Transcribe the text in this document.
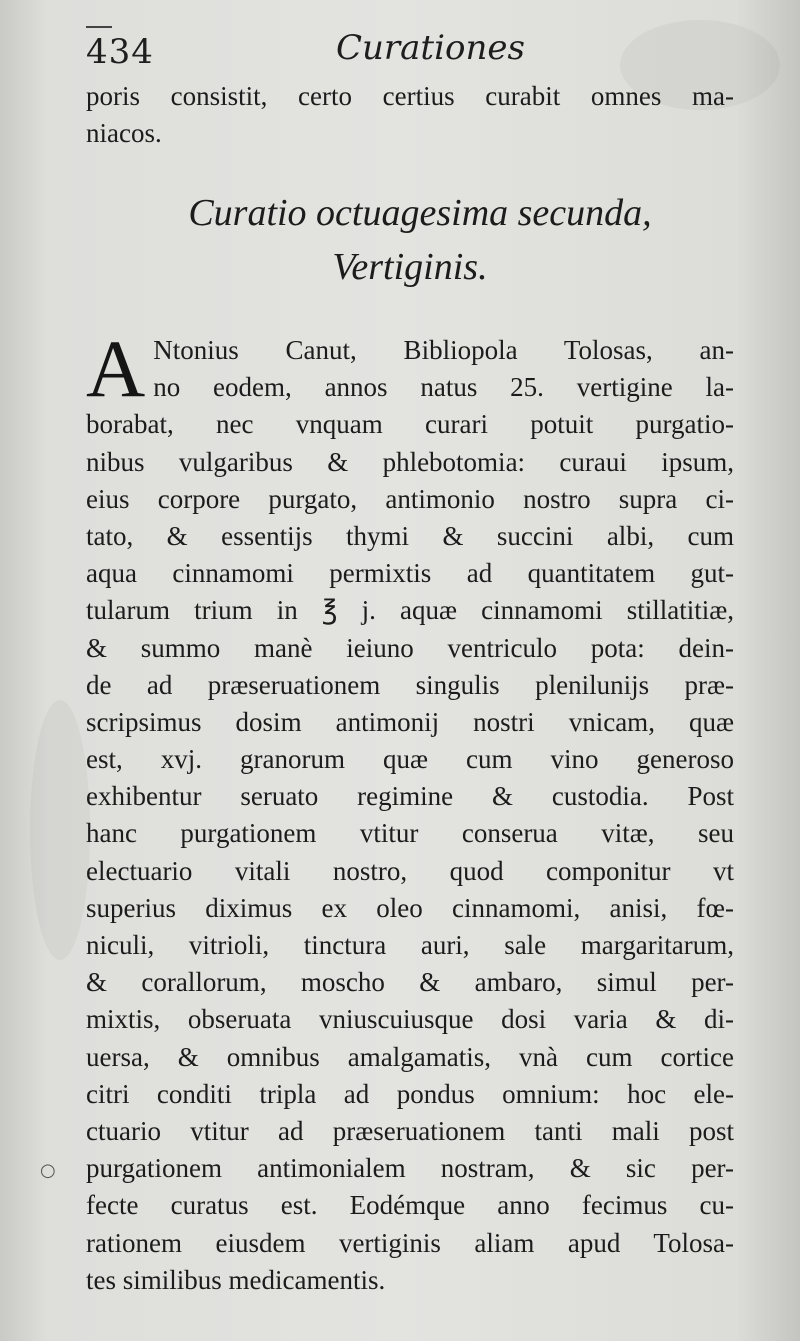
434	Curationes
poris consistit, certo certius curabit omnes ma-
niacos.
Curatio octuagesima secunda,
Vertiginis.
A Ntonius Canut, Bibliopola Tolosas, an-
no eodem, annos natus 25. vertigine la-
borabat, nec vnquam curari potuit purgatio-
nibus vulgaribus & phlebotomia: curaui ipsum,
eius corpore purgato, antimonio nostro supra ci-
tato, & essentijs thymi & succini albi, cum
aqua cinnamomi permixtis ad quantitatem gut-
tularum trium in ℥ j. aquæ cinnamomi stillatitiæ,
& summo manè ieiuno ventriculo pota: dein-
de ad præseruationem singulis plenilunijs præ-
scripsimus dosim antimonij nostri vnicam, quæ
est, xvj. granorum quæ cum vino generoso
exhibentur seruato regimine & custodia. Post
hanc purgationem vtitur conserua vitæ, seu
electuario vitali nostro, quod componitur vt
superius diximus ex oleo cinnamomi, anisi, fœ-
niculi, vitrioli, tinctura auri, sale margaritarum,
& corallorum, moscho & ambaro, simul per-
mixtis, obseruata vniuscuiusque dosi varia & di-
uersa, & omnibus amalgamatis, vnà cum cortice
citri conditi tripla ad pondus omnium: hoc ele-
ctuario vtitur ad præseruationem tanti mali post
purgationem antimonialem nostram, & sic per-
fecte curatus est. Eodémque anno fecimus cu-
rationem eiusdem vertiginis aliam apud Tolosa-
tes similibus medicamentis.
○
